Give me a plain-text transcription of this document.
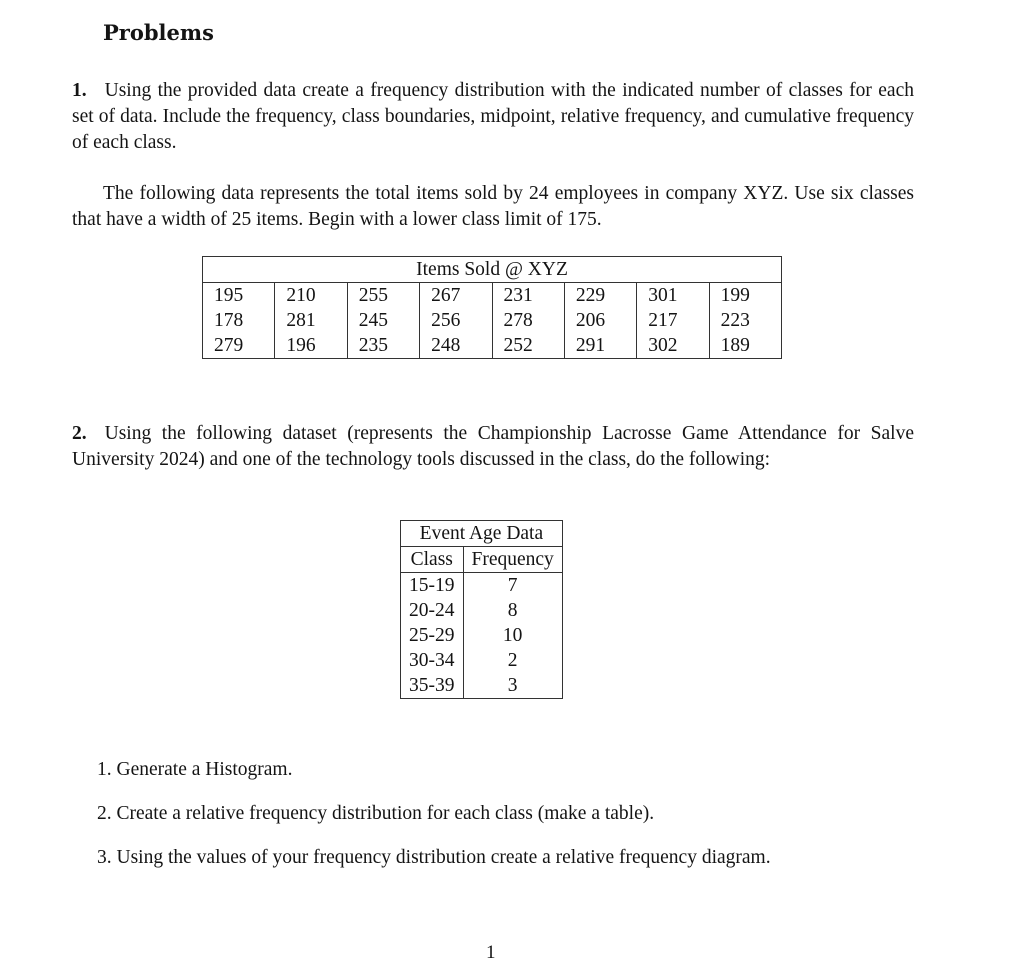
Problems
1. Using the provided data create a frequency distribution with the indicated number of classes for each set of data. Include the frequency, class boundaries, midpoint, relative frequency, and cumulative frequency of each class.
The following data represents the total items sold by 24 employees in company XYZ. Use six classes that have a width of 25 items. Begin with a lower class limit of 175.
Items Sold @ XYZ							
195	210	255	267	231	229	301	199
178	281	245	256	278	206	217	223
279	196	235	248	252	291	302	189
2. Using the following dataset (represents the Championship Lacrosse Game Attendance for Salve University 2024) and one of the technology tools discussed in the class, do the following:
Event Age Data	
Class	Frequency
15-19	7
20-24	8
25-29	10
30-34	2
35-39	3
1. Generate a Histogram.
2. Create a relative frequency distribution for each class (make a table).
3. Using the values of your frequency distribution create a relative frequency diagram.
1
